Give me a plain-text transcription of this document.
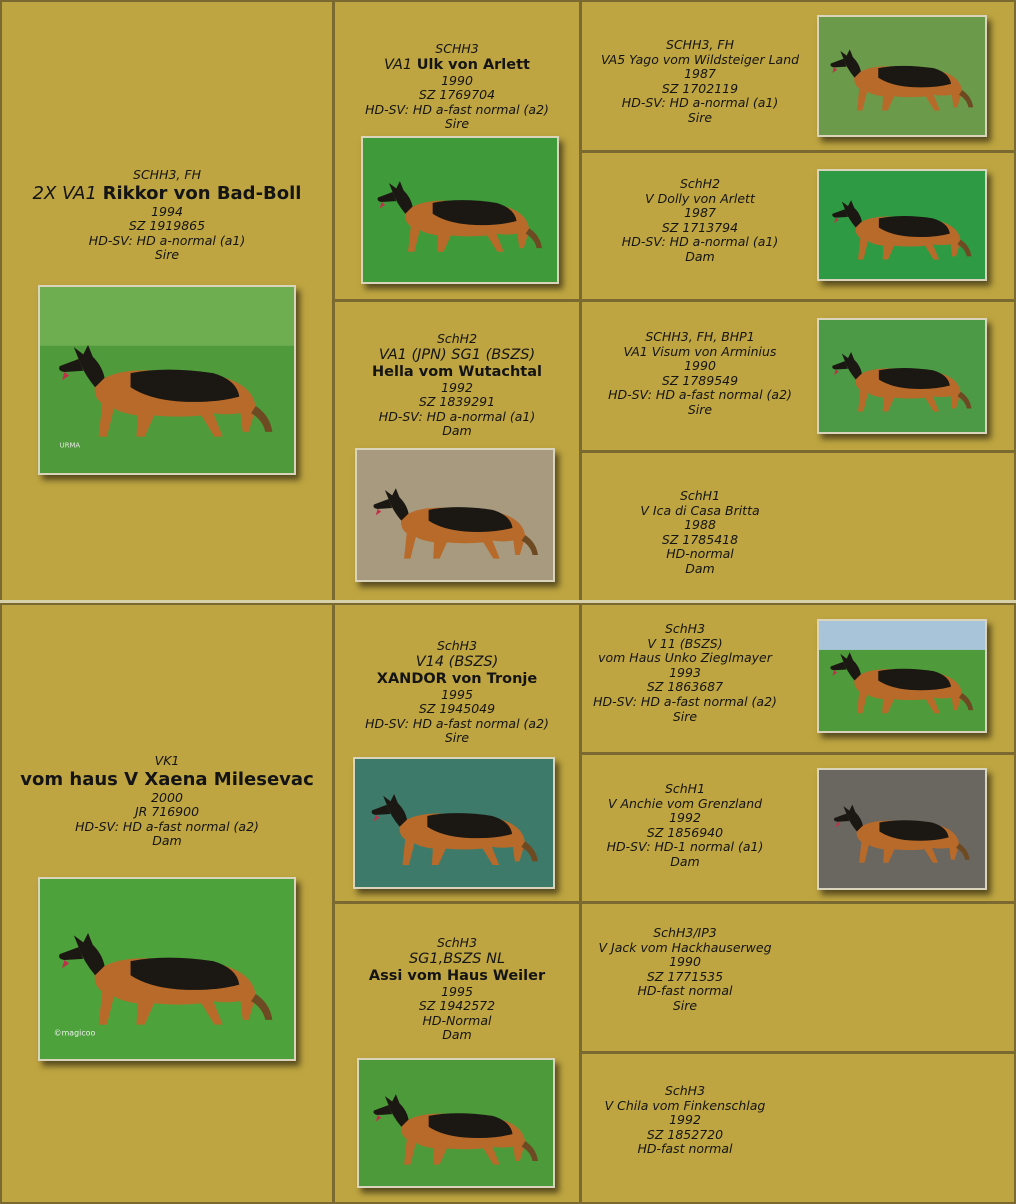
SCHH3, FH
2X VA1 Rikkor von Bad-Boll
1994
SZ 1919865
HD-SV: HD a-normal (a1)
Sire
URMA
SCHH3
VA1 Ulk von Arlett
1990
SZ 1769704
HD-SV: HD a-fast normal (a2)
Sire
SchH2
VA1 (JPN) SG1 (BSZS)
Hella vom Wutachtal
1992
SZ 1839291
HD-SV: HD a-normal (a1)
Dam
SCHH3, FH
VA5 Yago vom Wildsteiger Land
1987
SZ 1702119
HD-SV: HD a-normal (a1)
Sire
SchH2
V Dolly von Arlett
1987
SZ 1713794
HD-SV: HD a-normal (a1)
Dam
SCHH3, FH, BHP1
VA1 Visum von Arminius
1990
SZ 1789549
HD-SV: HD a-fast normal (a2)
Sire
SchH1
V Ica di Casa Britta
1988
SZ 1785418
HD-normal
Dam
VK1
vom haus V Xaena Milesevac
2000
JR 716900
HD-SV: HD a-fast normal (a2)
Dam
©magicoo
SchH3
V14 (BSZS)
XANDOR von Tronje
1995
SZ 1945049
HD-SV: HD a-fast normal (a2)
Sire
SchH3
SG1,BSZS NL
Assi vom Haus Weiler
1995
SZ 1942572
HD-Normal
Dam
SchH3
V 11 (BSZS)
vom Haus Unko Zieglmayer
1993
SZ 1863687
HD-SV: HD a-fast normal (a2)
Sire
SchH1
V Anchie vom Grenzland
1992
SZ 1856940
HD-SV: HD-1 normal (a1)
Dam
SchH3/IP3
V Jack vom Hackhauserweg
1990
SZ 1771535
HD-fast normal
Sire
SchH3
V Chila vom Finkenschlag
1992
SZ 1852720
HD-fast normal
